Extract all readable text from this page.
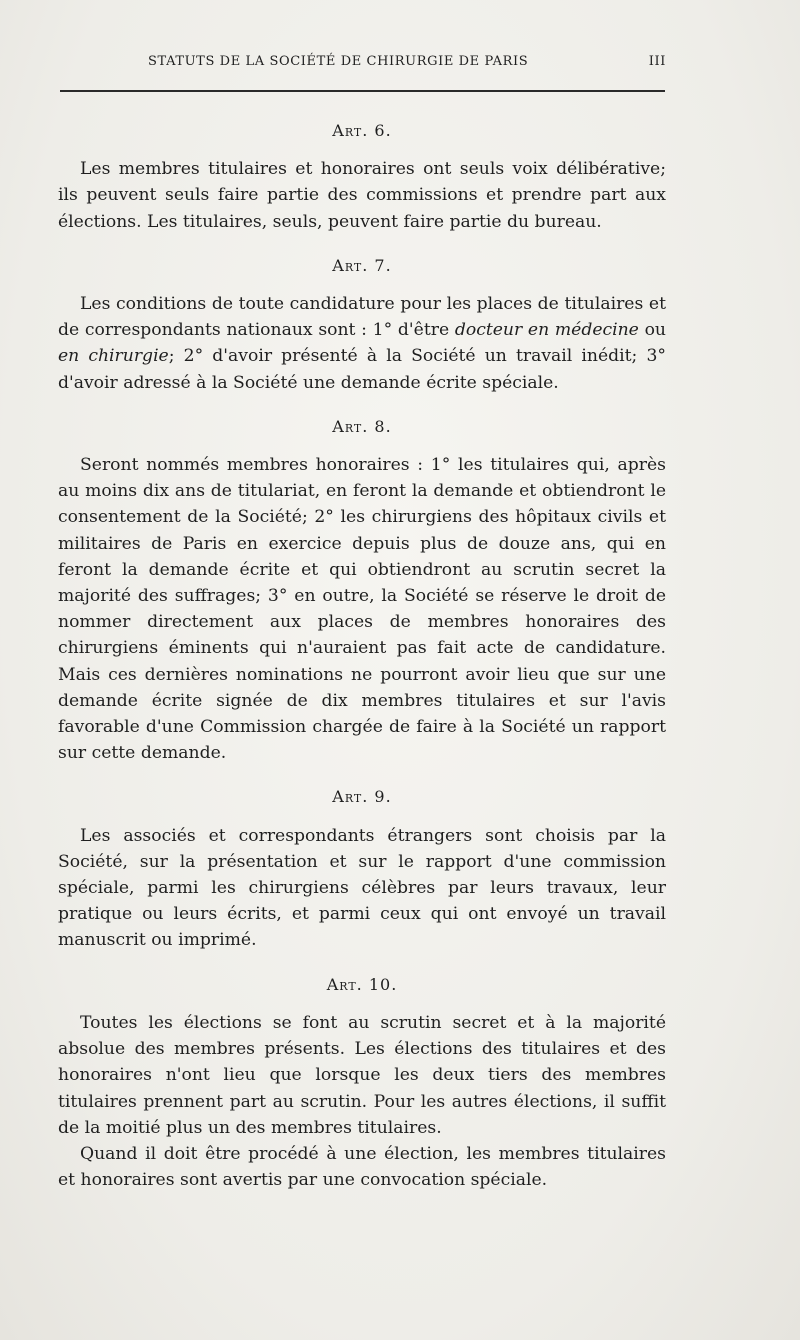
STATUTS DE LA SOCIÉTÉ DE CHIRURGIE DE PARIS	III
Art. 6.

Les membres titulaires et honoraires ont seuls voix délibérative; ils peuvent seuls faire partie des commissions et prendre part aux élections. Les titulaires, seuls, peuvent faire partie du bureau.

Art. 7.

Les conditions de toute candidature pour les places de titulaires et de correspondants nationaux sont : 1° d'être docteur en médecine ou en chirurgie; 2° d'avoir présenté à la Société un travail inédit; 3° d'avoir adressé à la Société une demande écrite spéciale.

Art. 8.

Seront nommés membres honoraires : 1° les titulaires qui, après au moins dix ans de titulariat, en feront la demande et obtiendront le consentement de la Société; 2° les chirurgiens des hôpitaux civils et militaires de Paris en exercice depuis plus de douze ans, qui en feront la demande écrite et qui obtiendront au scrutin secret la majorité des suffrages; 3° en outre, la Société se réserve le droit de nommer directement aux places de membres honoraires des chirurgiens éminents qui n'auraient pas fait acte de candidature. Mais ces dernières nominations ne pourront avoir lieu que sur une demande écrite signée de dix membres titulaires et sur l'avis favorable d'une Commission chargée de faire à la Société un rapport sur cette demande.

Art. 9.

Les associés et correspondants étrangers sont choisis par la Société, sur la présentation et sur le rapport d'une commission spéciale, parmi les chirurgiens célèbres par leurs travaux, leur pratique ou leurs écrits, et parmi ceux qui ont envoyé un travail manuscrit ou imprimé.

Art. 10.

Toutes les élections se font au scrutin secret et à la majorité absolue des membres présents. Les élections des titulaires et des honoraires n'ont lieu que lorsque les deux tiers des membres titulaires prennent part au scrutin. Pour les autres élections, il suffit de la moitié plus un des membres titulaires.

Quand il doit être procédé à une élection, les membres titulaires et honoraires sont avertis par une convocation spéciale.
